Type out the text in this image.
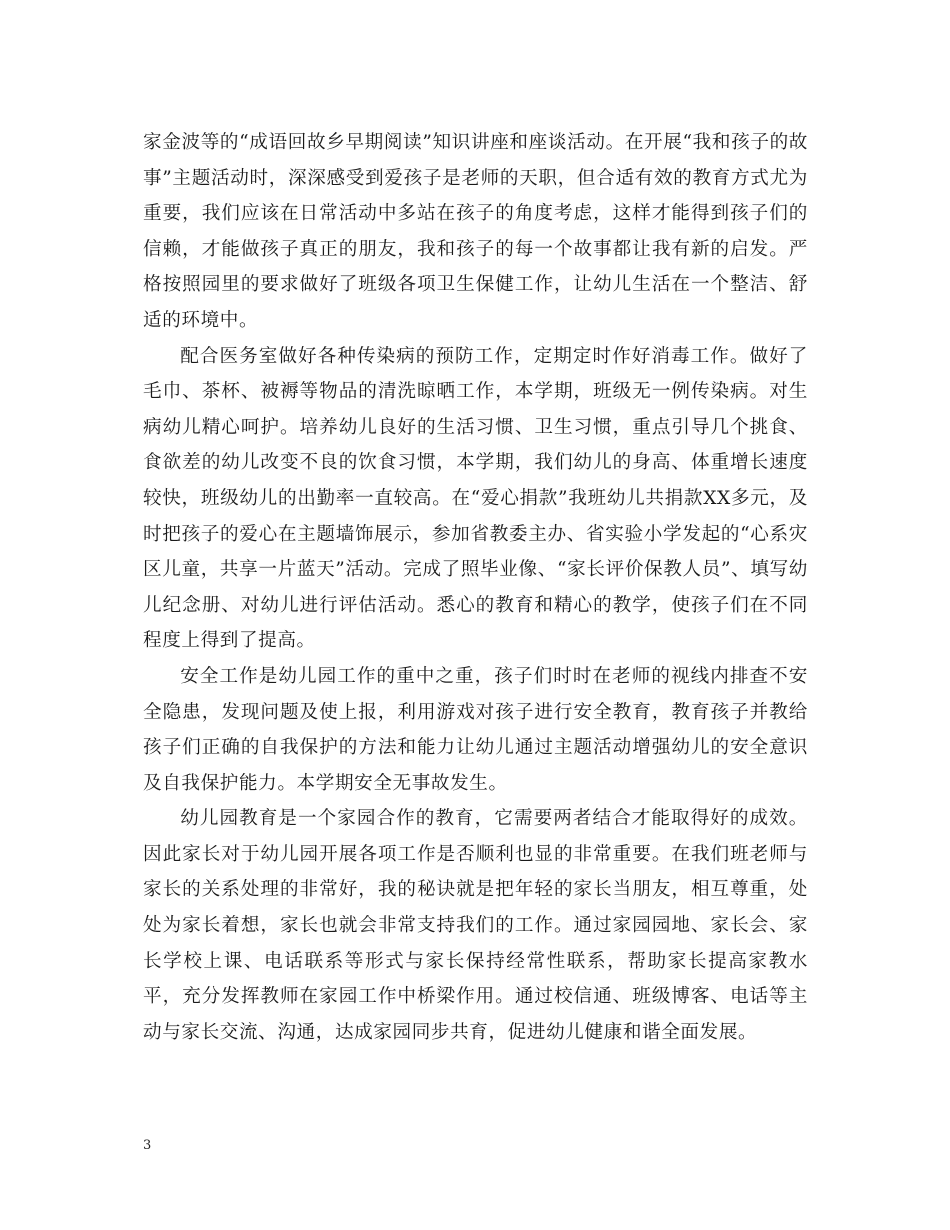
家金波等的“成语回故乡早期阅读”知识讲座和座谈活动。在开展“我和孩子的故事”主题活动时，深深感受到爱孩子是老师的天职，但合适有效的教育方式尤为重要，我们应该在日常活动中多站在孩子的角度考虑，这样才能得到孩子们的信赖，才能做孩子真正的朋友，我和孩子的每一个故事都让我有新的启发。严格按照园里的要求做好了班级各项卫生保健工作，让幼儿生活在一个整洁、舒适的环境中。

配合医务室做好各种传染病的预防工作，定期定时作好消毒工作。做好了毛巾、茶杯、被褥等物品的清洗晾晒工作，本学期，班级无一例传染病。对生病幼儿精心呵护。培养幼儿良好的生活习惯、卫生习惯，重点引导几个挑食、食欲差的幼儿改变不良的饮食习惯，本学期，我们幼儿的身高、体重增长速度较快，班级幼儿的出勤率一直较高。在“爱心捐款”我班幼儿共捐款XX多元，及时把孩子的爱心在主题墙饰展示，参加省教委主办、省实验小学发起的“心系灾区儿童，共享一片蓝天”活动。完成了照毕业像、“家长评价保教人员”、填写幼儿纪念册、对幼儿进行评估活动。悉心的教育和精心的教学，使孩子们在不同程度上得到了提高。

安全工作是幼儿园工作的重中之重，孩子们时时在老师的视线内排查不安全隐患，发现问题及使上报，利用游戏对孩子进行安全教育，教育孩子并教给孩子们正确的自我保护的方法和能力让幼儿通过主题活动增强幼儿的安全意识及自我保护能力。本学期安全无事故发生。

幼儿园教育是一个家园合作的教育，它需要两者结合才能取得好的成效。因此家长对于幼儿园开展各项工作是否顺利也显的非常重要。在我们班老师与家长的关系处理的非常好，我的秘诀就是把年轻的家长当朋友，相互尊重，处处为家长着想，家长也就会非常支持我们的工作。通过家园园地、家长会、家长学校上课、电话联系等形式与家长保持经常性联系，帮助家长提高家教水平，充分发挥教师在家园工作中桥梁作用。通过校信通、班级博客、电话等主动与家长交流、沟通，达成家园同步共育，促进幼儿健康和谐全面发展。

3
